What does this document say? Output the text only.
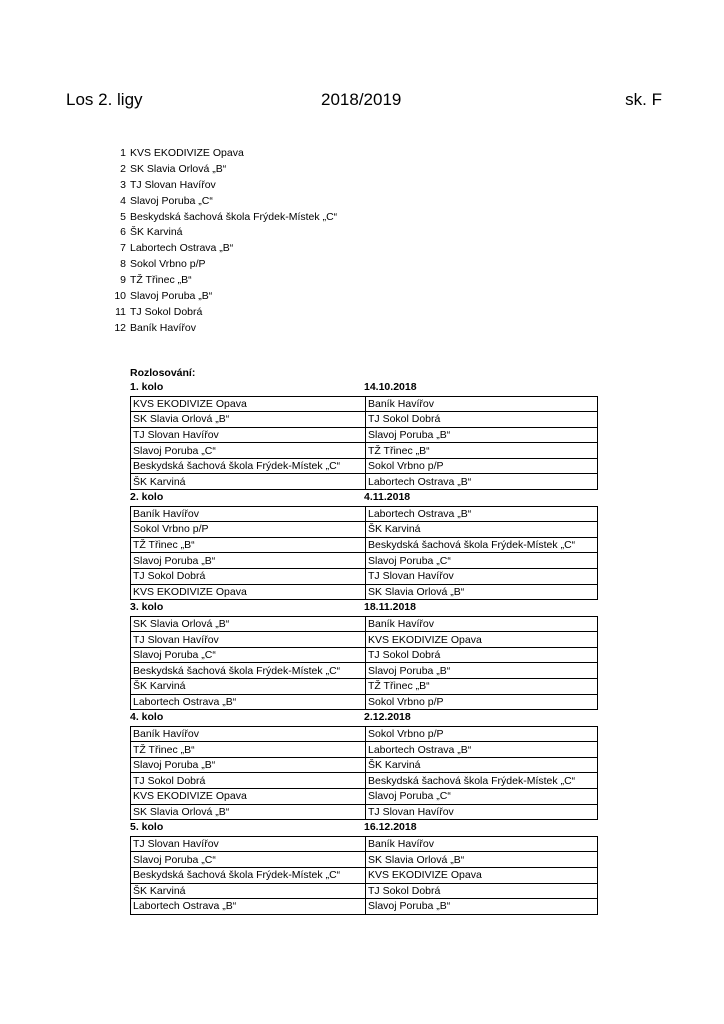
Los 2. ligy	2018/2019	sk. F
1 KVS EKODIVIZE Opava
2 SK Slavia Orlová „B“
3 TJ Slovan Havířov
4 Slavoj Poruba „C“
5 Beskydská šachová škola Frýdek-Místek „C“
6 ŠK Karviná
7 Labortech Ostrava „B“
8 Sokol Vrbno p/P
9 TŽ Třinec „B“
10 Slavoj Poruba „B“
11 TJ Sokol Dobrá
12 Baník Havířov
Rozlosování:
1. kolo	14.10.2018
KVS EKODIVIZE Opava	Baník Havířov
SK Slavia Orlová „B“	TJ Sokol Dobrá
TJ Slovan Havířov	Slavoj Poruba „B“
Slavoj Poruba „C“	TŽ Třinec „B“
Beskydská šachová škola Frýdek-Místek „C“	Sokol Vrbno p/P
ŠK Karviná	Labortech Ostrava „B“
2. kolo	4.11.2018
Baník Havířov	Labortech Ostrava „B“
Sokol Vrbno p/P	ŠK Karviná
TŽ Třinec „B“	Beskydská šachová škola Frýdek-Místek „C“
Slavoj Poruba „B“	Slavoj Poruba „C“
TJ Sokol Dobrá	TJ Slovan Havířov
KVS EKODIVIZE Opava	SK Slavia Orlová „B“
3. kolo	18.11.2018
SK Slavia Orlová „B“	Baník Havířov
TJ Slovan Havířov	KVS EKODIVIZE Opava
Slavoj Poruba „C“	TJ Sokol Dobrá
Beskydská šachová škola Frýdek-Místek „C“	Slavoj Poruba „B“
ŠK Karviná	TŽ Třinec „B“
Labortech Ostrava „B“	Sokol Vrbno p/P
4. kolo	2.12.2018
Baník Havířov	Sokol Vrbno p/P
TŽ Třinec „B“	Labortech Ostrava „B“
Slavoj Poruba „B“	ŠK Karviná
TJ Sokol Dobrá	Beskydská šachová škola Frýdek-Místek „C“
KVS EKODIVIZE Opava	Slavoj Poruba „C“
SK Slavia Orlová „B“	TJ Slovan Havířov
5. kolo	16.12.2018
TJ Slovan Havířov	Baník Havířov
Slavoj Poruba „C“	SK Slavia Orlová „B“
Beskydská šachová škola Frýdek-Místek „C“	KVS EKODIVIZE Opava
ŠK Karviná	TJ Sokol Dobrá
Labortech Ostrava „B“	Slavoj Poruba „B“
